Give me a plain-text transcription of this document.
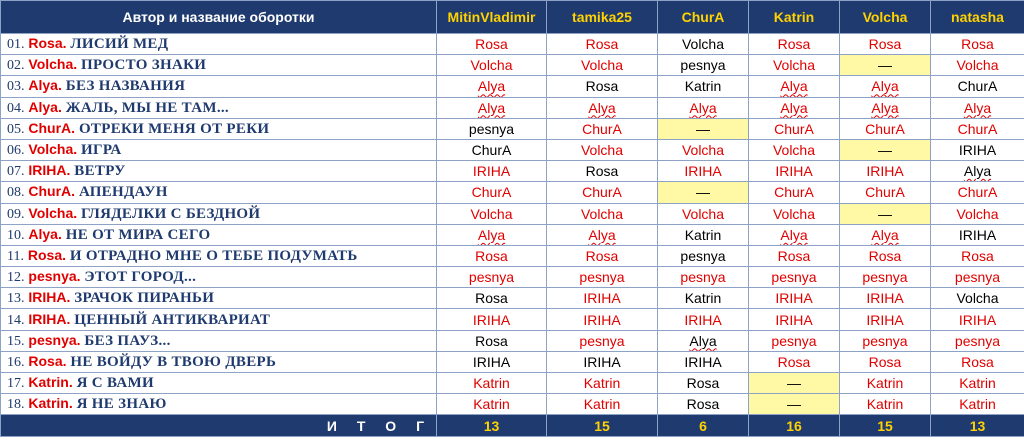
Автор и название оборотки	MitinVladimir	tamika25	ChurA	Katrin	Volcha	natasha
01. Rosa. ЛИСИЙ МЕД	Rosa	Rosa	Volcha	Rosa	Rosa	Rosa
02. Volcha. ПРОСТО ЗНАКИ	Volcha	Volcha	pesnya	Volcha	—	Volcha
03. Alya. БЕЗ НАЗВАНИЯ	Alya	Rosa	Katrin	Alya	Alya	ChurA
04. Alya. ЖАЛЬ, МЫ НЕ ТАМ...	Alya	Alya	Alya	Alya	Alya	Alya
05. ChurA. ОТРЕКИ МЕНЯ ОТ РЕКИ	pesnya	ChurA	—	ChurA	ChurA	ChurA
06. Volcha. ИГРА	ChurA	Volcha	Volcha	Volcha	—	IRIHA
07. IRIHA. ВЕТРУ	IRIHA	Rosa	IRIHA	IRIHA	IRIHA	Alya
08. ChurA. АПЕНДАУН	ChurA	ChurA	—	ChurA	ChurA	ChurA
09. Volcha. ГЛЯДЕЛКИ С БЕЗДНОЙ	Volcha	Volcha	Volcha	Volcha	—	Volcha
10. Alya. НЕ ОТ МИРА СЕГО	Alya	Alya	Katrin	Alya	Alya	IRIHA
11. Rosa. И ОТРАДНО МНЕ О ТЕБЕ ПОДУМАТЬ	Rosa	Rosa	pesnya	Rosa	Rosa	Rosa
12. pesnya. ЭТОТ ГОРОД...	pesnya	pesnya	pesnya	pesnya	pesnya	pesnya
13. IRIHA. ЗРАЧОК ПИРАНЬИ	Rosa	IRIHA	Katrin	IRIHA	IRIHA	Volcha
14. IRIHA. ЦЕННЫЙ АНТИКВАРИАТ	IRIHA	IRIHA	IRIHA	IRIHA	IRIHA	IRIHA
15. pesnya. БЕЗ ПАУЗ...	Rosa	pesnya	Alya	pesnya	pesnya	pesnya
16. Rosa. НЕ ВОЙДУ В ТВОЮ ДВЕРЬ	IRIHA	IRIHA	IRIHA	Rosa	Rosa	Rosa
17. Katrin. Я С ВАМИ	Katrin	Katrin	Rosa	—	Katrin	Katrin
18. Katrin. Я НЕ ЗНАЮ	Katrin	Katrin	Rosa	—	Katrin	Katrin
И Т О Г	13	15	6	16	15	13
